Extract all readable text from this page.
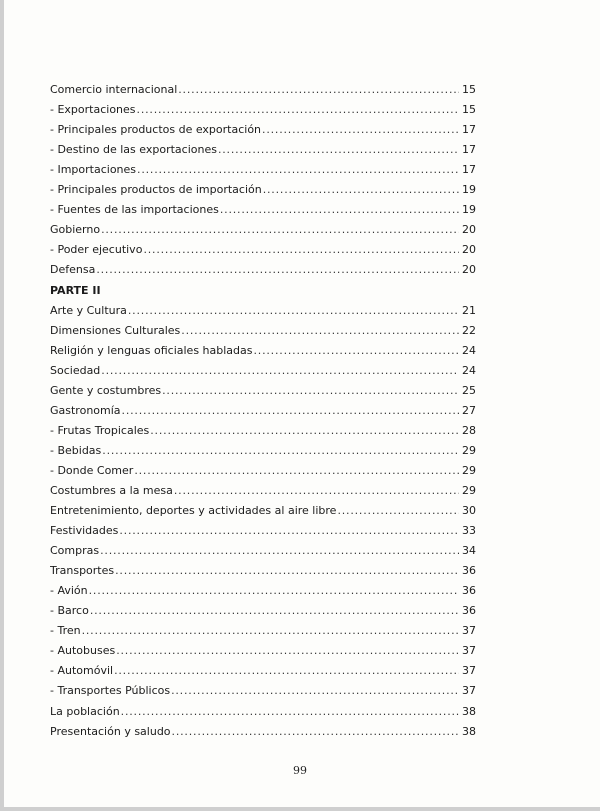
Comercio internacional .....	15
- Exportaciones .....	15
- Principales productos de exportación .....	17
- Destino de las exportaciones .....	17
- Importaciones .....	17
- Principales productos de importación .....	19
- Fuentes de las importaciones .....	19
Gobierno .....	20
- Poder ejecutivo .....	20
Defensa .....	20
PARTE II
Arte y Cultura .....	21
Dimensiones Culturales .....	22
Religión y lenguas oficiales habladas .....	24
Sociedad .....	24
Gente y costumbres .....	25
Gastronomía .....	27
- Frutas Tropicales .....	28
- Bebidas .....	29
- Donde Comer .....	29
Costumbres a la mesa .....	29
Entretenimiento, deportes y actividades al aire libre .....	30
Festividades .....	33
Compras .....	34
Transportes .....	36
- Avión .....	36
- Barco .....	36
- Tren .....	37
- Autobuses .....	37
- Automóvil .....	37
- Transportes Públicos .....	37
La población .....	38
Presentación y saludo .....	38
99
